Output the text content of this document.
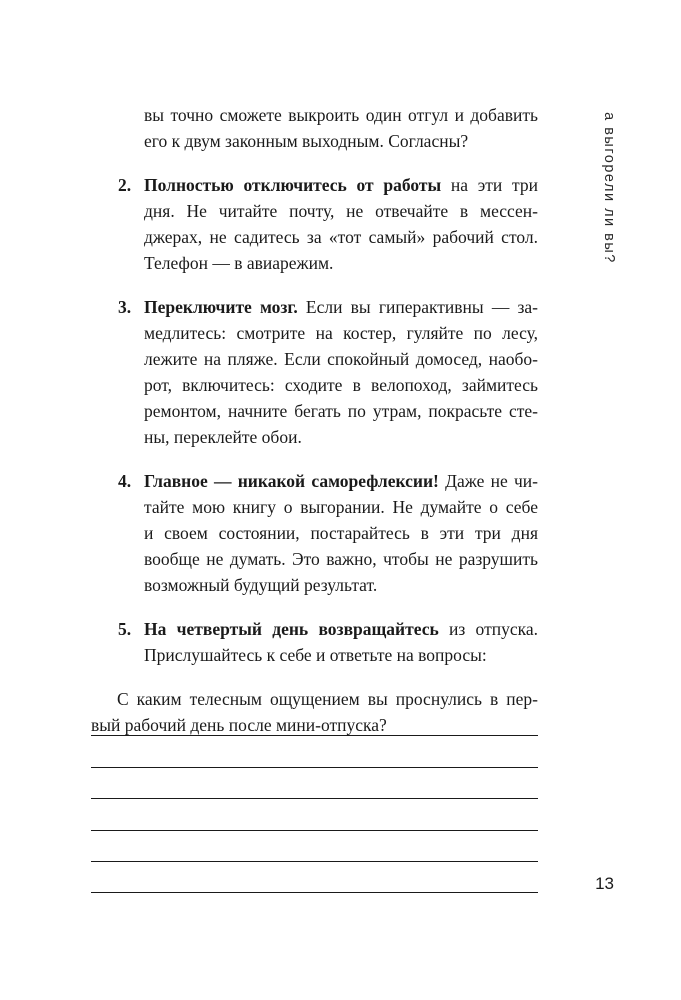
вы точно сможете выкроить один отгул и добавить
его к двум законным выходным. Согласны?
2. Полностью отключитесь от работы на эти три
дня. Не читайте почту, не отвечайте в мессен-
джерах, не садитесь за «тот самый» рабочий стол.
Телефон — в авиарежим.
3. Переключите мозг. Если вы гиперактивны — за-
медлитесь: смотрите на костер, гуляйте по лесу,
лежите на пляже. Если спокойный домосед, наобо-
рот, включитесь: сходите в велопоход, займитесь
ремонтом, начните бегать по утрам, покрасьте сте-
ны, переклейте обои.
4. Главное — никакой саморефлексии! Даже не чи-
тайте мою книгу о выгорании. Не думайте о себе
и своем состоянии, постарайтесь в эти три дня
вообще не думать. Это важно, чтобы не разрушить
возможный будущий результат.
5. На четвертый день возвращайтесь из отпуска.
Прислушайтесь к себе и ответьте на вопросы:
С каким телесным ощущением вы проснулись в пер-
вый рабочий день после мини-отпуска?
а выгорели ли вы?
13
